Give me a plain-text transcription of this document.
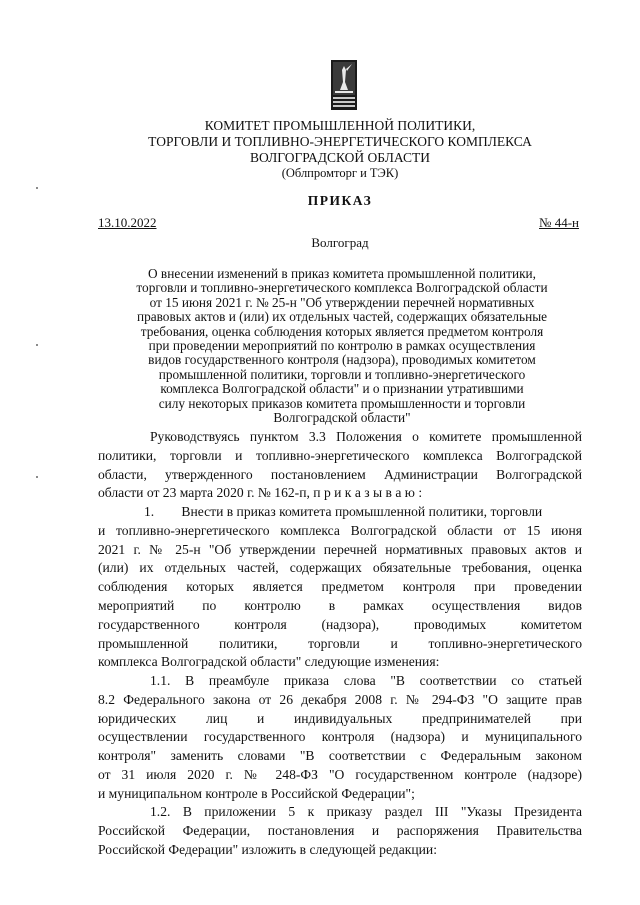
КОМИТЕТ ПРОМЫШЛЕННОЙ ПОЛИТИКИ,
ТОРГОВЛИ И ТОПЛИВНО-ЭНЕРГЕТИЧЕСКОГО КОМПЛЕКСА
ВОЛГОГРАДСКОЙ ОБЛАСТИ
(Облпромторг и ТЭК)
ПРИКАЗ
13.10.2022	№ 44-н
Волгоград
О внесении изменений в приказ комитета промышленной политики,
торговли и топливно-энергетического комплекса Волгоградской области
от 15 июня 2021 г. № 25-н "Об утверждении перечней нормативных
правовых актов и (или) их отдельных частей, содержащих обязательные
требования, оценка соблюдения которых является предметом контроля
при проведении мероприятий по контролю в рамках осуществления
видов государственного контроля (надзора), проводимых комитетом
промышленной политики, торговли и топливно-энергетического
комплекса Волгоградской области" и о признании утратившими
силу некоторых приказов комитета промышленности и торговли
Волгоградской области"
Руководствуясь пунктом 3.3 Положения о комитете промышленной
политики, торговли и топливно-энергетического комплекса Волгоградской
области, утвержденного постановлением Администрации Волгоградской
области от 23 марта 2020 г. № 162-п, п р и к а з ы в а ю :
1.        Внести в приказ комитета промышленной политики, торговли
и топливно-энергетического комплекса Волгоградской области от 15 июня
2021 г. № 25-н "Об утверждении перечней нормативных правовых актов и
(или) их отдельных частей, содержащих обязательные требования, оценка
соблюдения которых является предметом контроля при проведении
мероприятий по контролю в рамках осуществления видов
государственного контроля (надзора), проводимых комитетом
промышленной политики, торговли и топливно-энергетического
комплекса Волгоградской области" следующие изменения:
1.1. В преамбуле приказа слова "В соответствии со статьей
8.2 Федерального закона от 26 декабря 2008 г. № 294-ФЗ "О защите прав
юридических лиц и индивидуальных предпринимателей при
осуществлении государственного контроля (надзора) и муниципального
контроля" заменить словами "В соответствии с Федеральным законом
от 31 июля 2020 г. № 248-ФЗ "О государственном контроле (надзоре)
и муниципальном контроле в Российской Федерации";
1.2. В приложении 5 к приказу раздел III "Указы Президента
Российской Федерации, постановления и распоряжения Правительства
Российской Федерации" изложить в следующей редакции:
